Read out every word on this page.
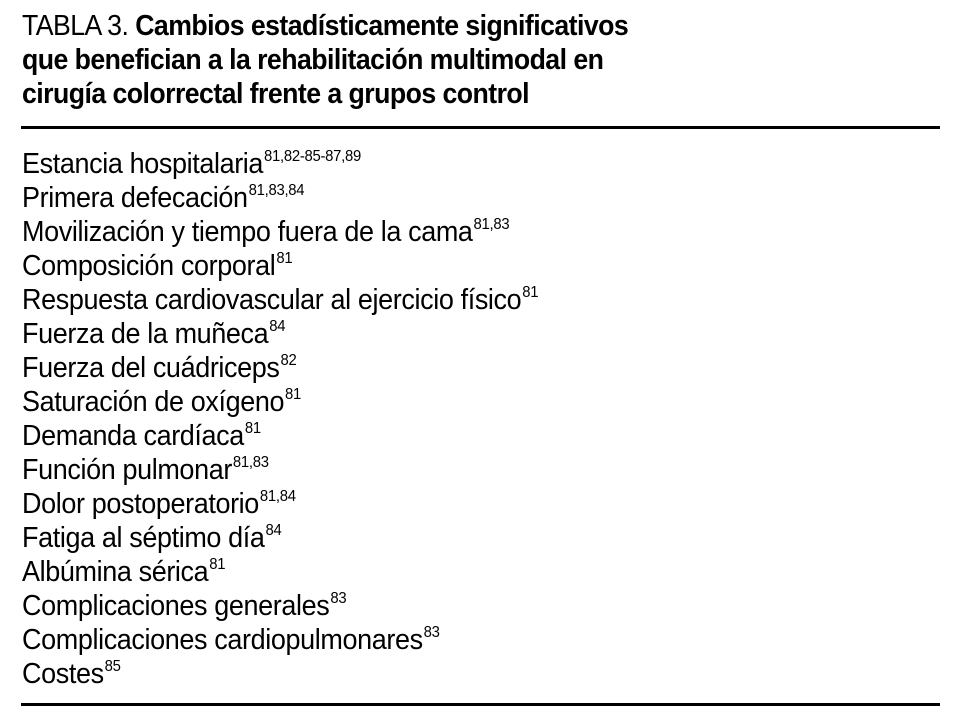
TABLA 3. Cambios estadísticamente significativos
que benefician a la rehabilitación multimodal en
cirugía colorrectal frente a grupos control
Estancia hospitalaria$^{81,82-85-87,89}$
Primera defecación$^{81,83,84}$
Movilización y tiempo fuera de la cama$^{81,83}$
Composición corporal$^{81}$
Respuesta cardiovascular al ejercicio físico$^{81}$
Fuerza de la muñeca$^{84}$
Fuerza del cuádriceps$^{82}$
Saturación de oxígeno$^{81}$
Demanda cardíaca$^{81}$
Función pulmonar$^{81,83}$
Dolor postoperatorio$^{81,84}$
Fatiga al séptimo día$^{84}$
Albúmina sérica$^{81}$
Complicaciones generales$^{83}$
Complicaciones cardiopulmonares$^{83}$
Costes$^{85}$
